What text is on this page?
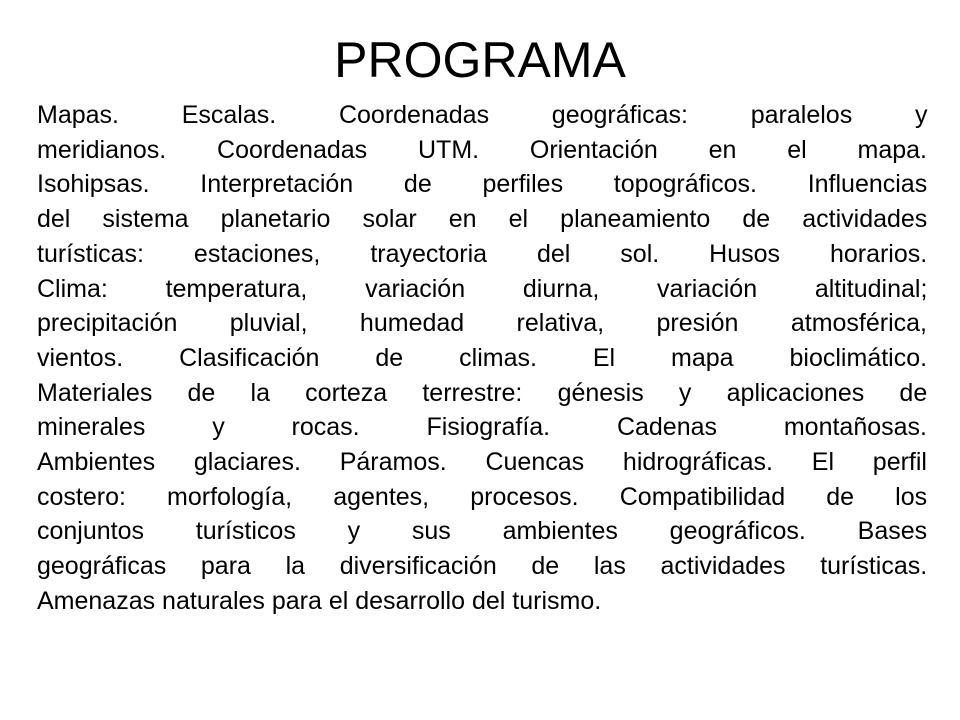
PROGRAMA
Mapas. Escalas. Coordenadas geográficas: paralelos y
meridianos. Coordenadas UTM. Orientación en el mapa.
Isohipsas. Interpretación de perfiles topográficos. Influencias
del sistema planetario solar en el planeamiento de actividades
turísticas: estaciones, trayectoria del sol. Husos horarios.
Clima: temperatura, variación diurna, variación altitudinal;
precipitación pluvial, humedad relativa, presión atmosférica,
vientos. Clasificación de climas. El mapa bioclimático.
Materiales de la corteza terrestre: génesis y aplicaciones de
minerales y rocas. Fisiografía. Cadenas montañosas.
Ambientes glaciares. Páramos. Cuencas hidrográficas. El perfil
costero: morfología, agentes, procesos. Compatibilidad de los
conjuntos turísticos y sus ambientes geográficos. Bases
geográficas para la diversificación de las actividades turísticas.
Amenazas naturales para el desarrollo del turismo.
